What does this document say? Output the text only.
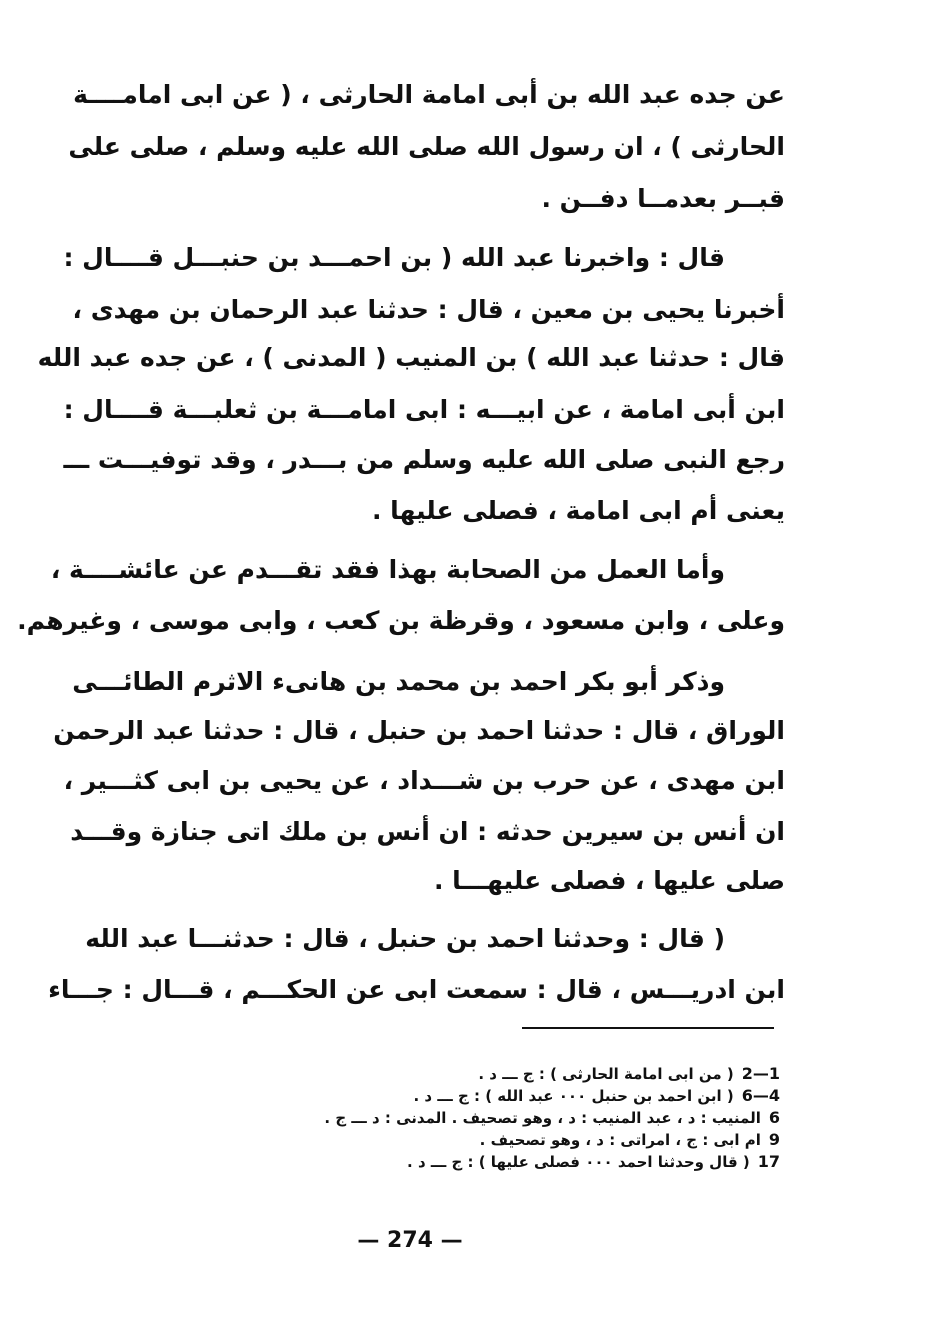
عن جده عبد الله بن أبى امامة الحارثى ، ( عن ابى امامــــة
الحارثى ) ، ان رسول الله صلى الله عليه وسلم ، صلى على
قبــر بعدمــا دفــن .
قال : واخبرنا عبد الله ( بن احمـــد بن حنبـــل قــــال :
أخبرنا يحيى بن معين ، قال : حدثنا عبد الرحمان بن مهدى ،
قال : حدثنا عبد الله ) بن المنيب ( المدنى ) ، عن جده عبد الله
ابن أبى امامة ، عن ابيـــه : ابى امامـــة بن ثعلبـــة قــــال :
رجع النبى صلى الله عليه وسلم من بـــدر ، وقد توفيـــت ـــ
يعنى أم ابى امامة ، فصلى عليها .
وأما العمل من الصحابة بهذا فقد تقـــدم عن عائشــــة ،
وعلى ، وابن مسعود ، وقرظة بن كعب ، وابى موسى ، وغيرهم.
وذكر أبو بكر احمد بن محمد بن هانىء الاثرم الطائـــى
الوراق ، قال : حدثنا احمد بن حنبل ، قال : حدثنا عبد الرحمن
ابن مهدى ، عن حرب بن شـــداد ، عن يحيى بن ابى كثـــير ،
ان أنس بن سيرين حدثه : ان أنس بن ملك اتى جنازة وقـــد
صلى عليها ، فصلى عليهـــا .
( قال : وحدثنا احمد بن حنبل ، قال : حدثنـــا عبد الله
ابن ادريـــس ، قال : سمعت ابى عن الحكـــم ، قـــال : جـــاء
2—1( من ابى امامة الحارثى ) : ج ـــ د .
6—4( ابن احمد بن حنبل ٠٠٠ عبد الله ) : ج ـــ د .
6المنيب : د ، عبد المنيب : د ، وهو تصحيف . المدنى : د ـــ ج .
9ام ابى : ج ، امراتى : د ، وهو تصحيف .
17( قال وحدثنا احمد ٠٠٠ فصلى عليها ) : ج ـــ د .
— 274 —
